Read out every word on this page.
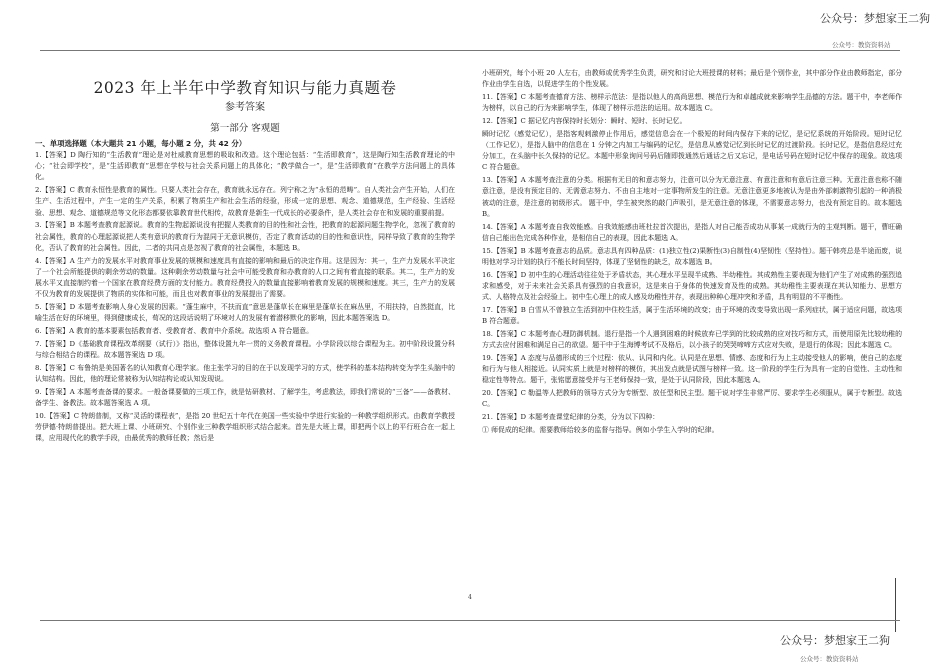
公众号：梦想家王二狗
公众号：教资资料站
2023 年上半年中学教育知识与能力真题卷
参考答案
第一部分 客观题
一、单项选择题（本大题共 21 小题，每小题 2 分，共 42 分）

1.【答案】D 陶行知的“生活教育”理论是对杜威教育思想的吸取和改造。这个理论包括：“生活即教育”，这是陶行知生活教育理论的中心；“社会即学校”，是“生活即教育”思想在学校与社会关系问题上的具体化；“教学做合一”，是“生活即教育”在教学方法问题上的具体化。

2.【答案】C 教育永恒性是教育的属性。只要人类社会存在，教育就永远存在。列宁称之为“永恒的范畴”。自人类社会产生开始，人们在生产、生活过程中，产生一定的生产关系，积累了物质生产和社会生活的经验，形成一定的思想、观念、道德规范，生产经验、生活经验、思想、观念、道德规范等文化形态都要依靠教育世代相传，故教育是新生一代成长的必要条件，是人类社会存在和发展的重要前提。

3.【答案】B 本题考查教育起源说。教育的生物起源说没有把握人类教育的目的性和社会性，把教育的起源问题生物学化，忽视了教育的社会属性，教育的心理起源说把人类有意识的教育行为混同于无意识模仿，否定了教育活动的目的性和意识性，同样导致了教育的生物学化，否认了教育的社会属性。因此，二者的共同点是忽视了教育的社会属性，本题选 B。

4.【答案】A 生产力的发展水平对教育事业发展的规模和速度具有直接的影响和最后的决定作用。这是因为：其一，生产力发展水平决定了一个社会所能提供的剩余劳动的数量。这种剩余劳动数量与社会中可能受教育和办教育的人口之间有着直接的联系。其二，生产力的发展水平又直接制约着一个国家在教育经费方面的支付能力。教育经费投入的数量直接影响着教育发展的规模和速度。其三，生产力的发展不仅为教育的发展提供了物质的实体和可能，而且也对教育事业的发展提出了需要。

5.【答案】D 本题考查影响人身心发展的因素。“蓬生麻中，不扶而直”意思是蓬草长在麻里是蓬草长在麻丛里，不用扶持，自然挺直，比喻生活在好的环境里，得到健康成长，荀况的这段话说明了环境对人的发展有着潜移默化的影响，因此本题答案选 D。

6.【答案】A 教育的基本要素包括教育者、受教育者、教育中介系统。故选项 A 符合题意。

7.【答案】D《基础教育课程改革纲要（试行）》指出，整体设置九年一贯的义务教育课程。小学阶段以综合课程为主。初中阶段设置分科与综合相结合的课程。故本题答案选 D 项。

8.【答案】C 布鲁纳是美国著名的认知教育心理学家。他主张学习的目的在于以发现学习的方式，使学科的基本结构转变为学生头脑中的认知结构。因此，他的理论常被称为认知结构论或认知发现说。

9.【答案】A 本题考查备课的要求。一般备课要做的三项工作，就是钻研教材、了解学生，考虑教法，即我们常说的“三备”——备教材、备学生、备教法。故本题答案选 A 项。

10.【答案】C 特朗普制，又称“灵活的课程表”，是指 20 世纪五十年代在美国一些实验中学进行实验的一种教学组织形式。由教育学教授劳伊德·特朗普提出。把大班上课、小班研究、个别作业三种教学组织形式结合起来。首先是大班上课，即把两个以上的平行班合在一起上课，应用现代化的教学手段，由最优秀的教师任教；然后是

小班研究，每个小班 20 人左右，由教师或优秀学生负责，研究和讨论大班授课的材料；最后是个别作业，其中部分作业由教师指定，部分作业由学生自选，以促进学生的个性发展。

11.【答案】C 本题考查德育方法、榜样示范法：是指以他人的高尚思想、模范行为和卓越成就来影响学生品德的方法。题干中，李老师作为榜样，以自己的行为来影响学生，体现了榜样示范法的运用。故本题选 C。

12.【答案】C 据记忆内容保持时长划分：瞬时、短时、长时记忆。

瞬时记忆（感觉记忆），是指客观刺激停止作用后，感觉信息会在一个极短的时间内保存下来的记忆，是记忆系统的开始阶段。短时记忆（工作记忆），是指人脑中的信息在 1 分钟之内加工与编码的记忆，是信息从感觉记忆到长时记忆的过渡阶段。长时记忆，是指信息经过充分加工，在头脑中长久保持的记忆。本题中形象询问号码后随即拨通然后通话之后又忘记，是电话号码在短时记忆中保存的现象。故选项 C 符合题意。

13.【答案】A 本题考查注意的分类。根据有无目的和意志努力，注意可以分为无意注意、有意注意和有意后注意三种。无意注意也称不随意注意，是没有预定目的、无需意志努力、不由自主地对一定事物所发生的注意。无意注意更多地被认为是由外部刺激物引起的一种消极被动的注意，是注意的初级形式。 题干中，学生被突然的敲门声吸引，是无意注意的体现，不需要意志努力，也没有预定目的。故本题选 B。

14.【答案】A 本题考查自我效能感。自我效能感由班杜拉首次提出，是指人对自己能否成功从事某一成就行为的主观判断。题干，曹旺确信自己能出色完成各种作业，是相信自己的表现，因此本题选 A。

15.【答案】B 本题考查意志的品质。意志具有四种品质：(1)独立性(2)果断性(3)自制性(4)坚韧性（坚持性）。题干韩亮总是半途而废，说明他对学习计划的执行不能长时间坚持，体现了坚韧性的缺乏，故本题选 B。

16.【答案】D 初中生的心理活动往往处于矛盾状态，其心理水平呈现半成熟、半幼稚性。其成熟性主要表现为他们产生了对成熟的强烈追求和感受，对于未来社会关系具有强烈的自我意识，这是来自于身体的快速发育及性的成熟。其幼稚性主要表现在其认知能力、思想方式、人格特点及社会经验上。初中生心理上的成人感及幼稚性并存，表现出种种心理冲突和矛盾，具有明显的不平衡性。

17.【答案】B 白雪从不曾独立生活到初中住校生活，属于生活环境的改变；由于环境的改变导致出现一系列症状，属于适应问题，故选项 B 符合题意。

18.【答案】C 本题考查心理防御机制。退行是指一个人遇到困难的时候放弃已学到的比较成熟的应对技巧和方式，而使用原先比较幼稚的方式去应付困难和满足自己的欲望。题干中于生海博考试不及格后，以小孩子的哭哭啼啼方式应对失败，是退行的体现；因此本题选 C。

19.【答案】A 态度与品德形成的三个过程：依从、认同和内化。认同是在思想、情感、态度和行为上主动接受他人的影响，使自己的态度和行为与他人相接近。认同实质上就是对榜样的模仿，其出发点就是试图与榜样一致。这一阶段的学生行为具有一定的自觉性、主动性和稳定性等特点。题干，张铭愿意接受并与王老师保持一致，是处于认同阶段，因此本题选 A。

20.【答案】C 勒温等人把教师的领导方式分为专断型、放任型和民主型。题干说对学生非常严厉、要求学生必须服从，属于专断型。故选 C。

21.【答案】D 本题考查课堂纪律的分类，分为以下四种：

① 师促成的纪律。需要教师给较多的监督与指导。例如小学生入学时的纪律。

4
公众号：梦想家王二狗
公众号：教资资料站
